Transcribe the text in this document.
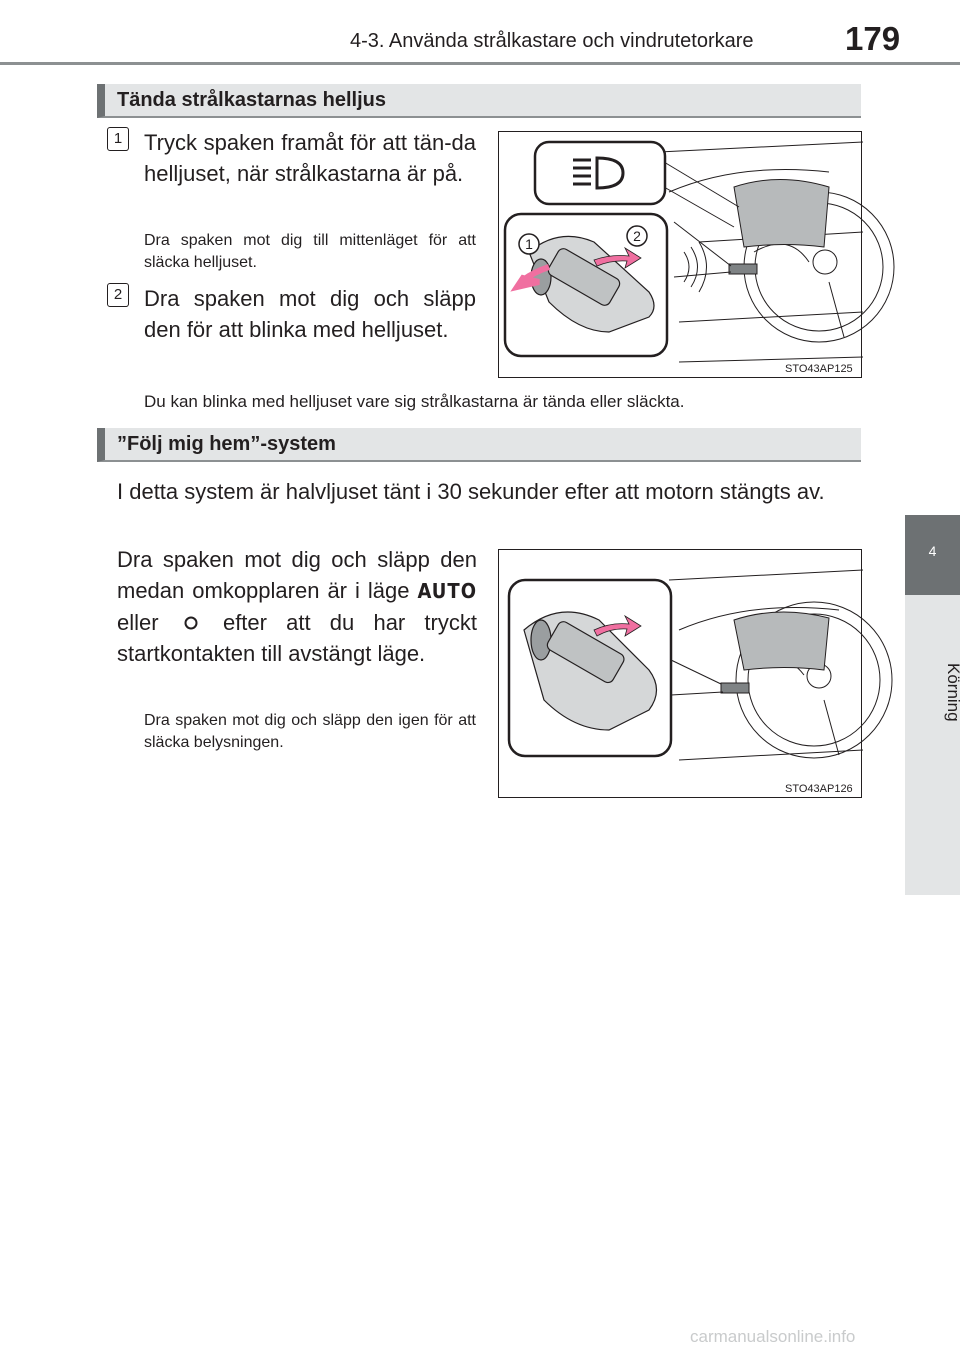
4-3. Använda strålkastare och vindrutetorkare	179
4
Körning
Tända strålkastarnas helljus
1 Tryck spaken framåt för att tän-da helljuset, när strålkastarna är på.
Dra spaken mot dig till mittenläget för att släcka helljuset.
2 Dra spaken mot dig och släpp den för att blinka med helljuset.
Du kan blinka med helljuset vare sig strålkastarna är tända eller släckta.
1	2
STO43AP125
”Följ mig hem”-system
I detta system är halvljuset tänt i 30 sekunder efter att motorn stängts av.
Dra spaken mot dig och släpp den medan omkopplaren är i läge AUTO eller	efter att du har tryckt startkontakten till avstängt läge.
Dra spaken mot dig och släpp den igen för att släcka belysningen.
STO43AP126
carmanualsonline.info
